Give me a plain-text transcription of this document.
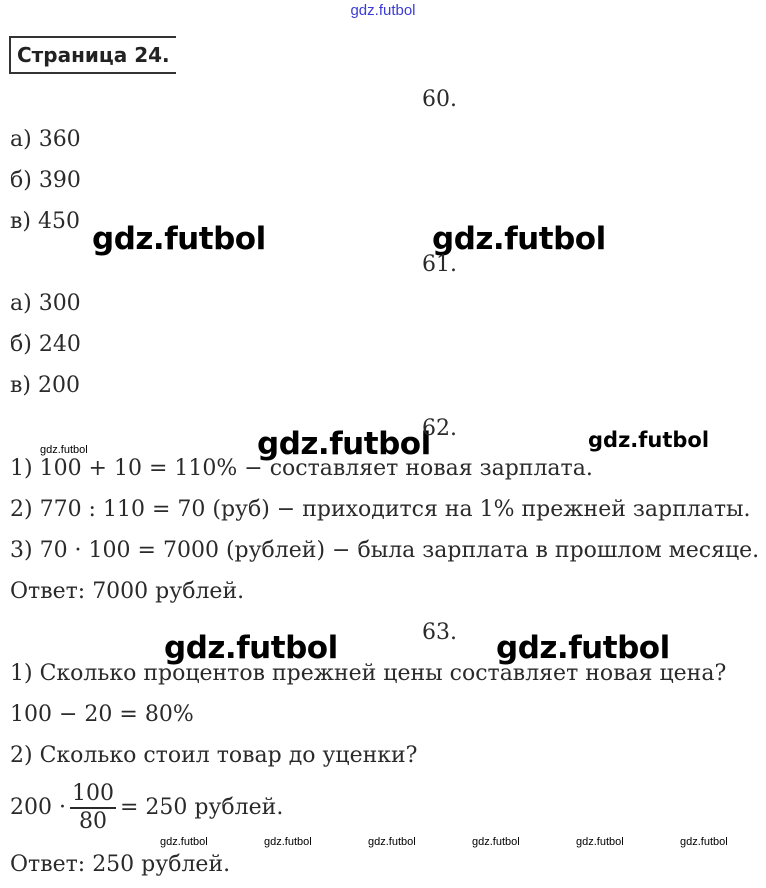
gdz.futbol
Страница 24.
60.
а) 360
б) 390
в) 450 gdz.futbol	gdz.futbol
61.
а) 300
б) 240
в) 200
gdz.futbol	gdz.futbol
62.	gdz.futbol
1) 100 + 10 = 110% − составляет новая зарплата.
2) 770 : 110 = 70 (руб) − приходится на 1% прежней зарплаты.
3) 70 · 100 = 7000 (рублей) − была зарплата в прошлом месяце.
Ответ: 7000 рублей.
gdz.futbol	63. gdz.futbol
1) Сколько процентов прежней цены составляет новая цена?
100 − 20 = 80%
2) Сколько стоил товар до уценки?
$200 \cdot \frac{100}{80} = 250$ рублей.
gdz.futbol	gdz.futbol	gdz.futbol	gdz.futbol	gdz.futbol	gdz.futbol
Ответ: 250 рублей.
